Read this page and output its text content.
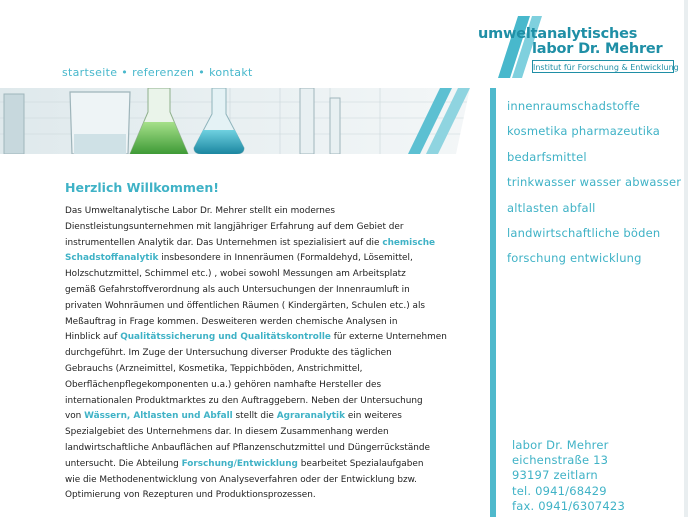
umweltanalytisches
labor Dr. Mehrer
Institut für Forschung & Entwicklung
startseite • referenzen • kontakt
innenraumschadstoffe
kosmetika pharmazeutika
bedarfsmittel
trinkwasser wasser abwasser
altlasten abfall
landwirtschaftliche böden
forschung entwicklung
labor Dr. Mehrer
eichenstraße 13
93197 zeitlarn
tel. 0941/68429
fax. 0941/6307423
Herzlich Willkommen!
Das Umweltanalytische Labor Dr. Mehrer stellt ein modernes
Dienstleistungsunternehmen mit langjähriger Erfahrung auf dem Gebiet der
instrumentellen Analytik dar. Das Unternehmen ist spezialisiert auf die chemische
Schadstoffanalytik insbesondere in Innenräumen (Formaldehyd, Lösemittel,
Holzschutzmittel, Schimmel etc.) , wobei sowohl Messungen am Arbeitsplatz
gemäß Gefahrstoffverordnung als auch Untersuchungen der Innenraumluft in
privaten Wohnräumen und öffentlichen Räumen ( Kindergärten, Schulen etc.) als
Meßauftrag in Frage kommen. Desweiteren werden chemische Analysen in
Hinblick auf Qualitätssicherung und Qualitätskontrolle für externe Unternehmen
durchgeführt. Im Zuge der Untersuchung diverser Produkte des täglichen
Gebrauchs (Arzneimittel, Kosmetika, Teppichböden, Anstrichmittel,
Oberflächenpflegekomponenten u.a.) gehören namhafte Hersteller des
internationalen Produktmarktes zu den Auftraggebern. Neben der Untersuchung
von Wässern, Altlasten und Abfall stellt die Agraranalytik ein weiteres
Spezialgebiet des Unternehmens dar. In diesem Zusammenhang werden
landwirtschaftliche Anbauflächen auf Pflanzenschutzmittel und Düngerrückstände
untersucht. Die Abteilung Forschung/Entwicklung bearbeitet Spezialaufgaben
wie die Methodenentwicklung von Analyseverfahren oder der Entwicklung bzw.
Optimierung von Rezepturen und Produktionsprozessen.
